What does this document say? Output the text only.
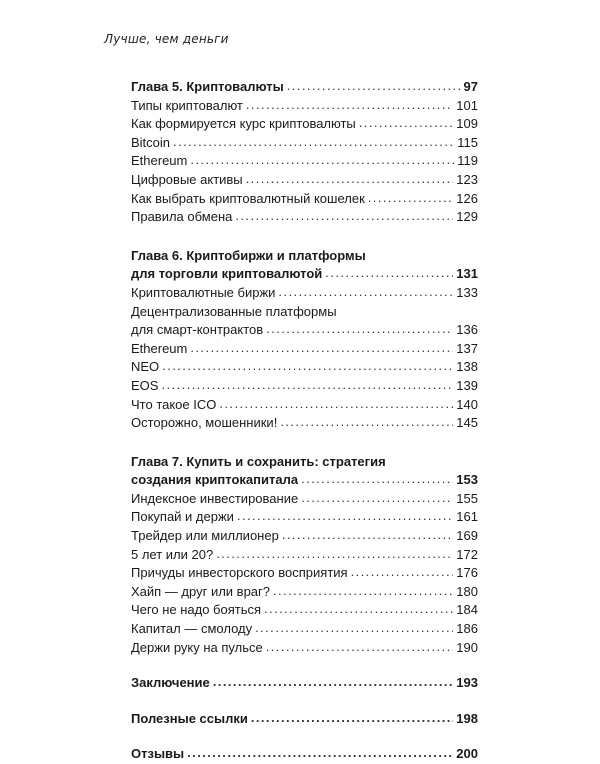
Лучше, чем деньги
Глава 5. Криптовалюты . . .	97
Типы криптовалют . . .	101
Как формируется курс криптовалюты . . .	109
Bitcoin . . .	115
Ethereum . . .	119
Цифровые активы . . .	123
Как выбрать криптовалютный кошелек . . .	126
Правила обмена . . .	129
Глава 6. Криптобиржи и платформы
для торговли криптовалютой . . .	131
Криптовалютные биржи . . .	133
Децентрализованные платформы
для смарт-контрактов . . .	136
Ethereum . . .	137
NEO . . .	138
EOS . . .	139
Что такое ICO . . .	140
Осторожно, мошенники! . . .	145
Глава 7. Купить и сохранить: стратегия
создания криптокапитала . . .	153
Индексное инвестирование . . .	155
Покупай и держи . . .	161
Трейдер или миллионер . . .	169
5 лет или 20? . . .	172
Причуды инвесторского восприятия . . .	176
Хайп — друг или враг? . . .	180
Чего не надо бояться . . .	184
Капитал — смолоду . . .	186
Держи руку на пульсе . . .	190
Заключение . . .	193
Полезные ссылки . . .	198
Отзывы . . .	200
